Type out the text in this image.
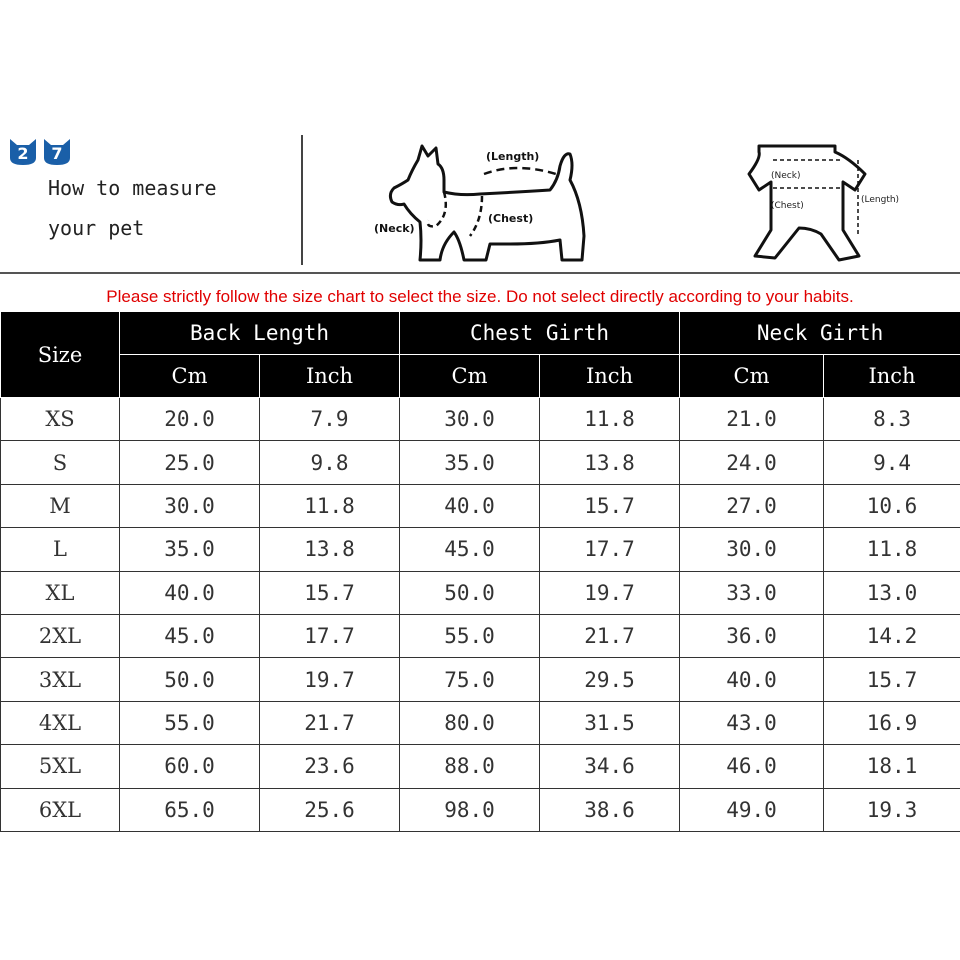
2	7
How to measure
your pet
(Length)
(Chest)
(Neck)
(Neck)
(Chest)
(Length)
Please strictly follow the size chart to select the size. Do not select directly according to your habits.
Size	Back Length		Chest Girth		Neck Girth	
	Cm	Inch	Cm	Inch	Cm	Inch
XS	20.0	7.9	30.0	11.8	21.0	8.3
S	25.0	9.8	35.0	13.8	24.0	9.4
M	30.0	11.8	40.0	15.7	27.0	10.6
L	35.0	13.8	45.0	17.7	30.0	11.8
XL	40.0	15.7	50.0	19.7	33.0	13.0
2XL	45.0	17.7	55.0	21.7	36.0	14.2
3XL	50.0	19.7	75.0	29.5	40.0	15.7
4XL	55.0	21.7	80.0	31.5	43.0	16.9
5XL	60.0	23.6	88.0	34.6	46.0	18.1
6XL	65.0	25.6	98.0	38.6	49.0	19.3
